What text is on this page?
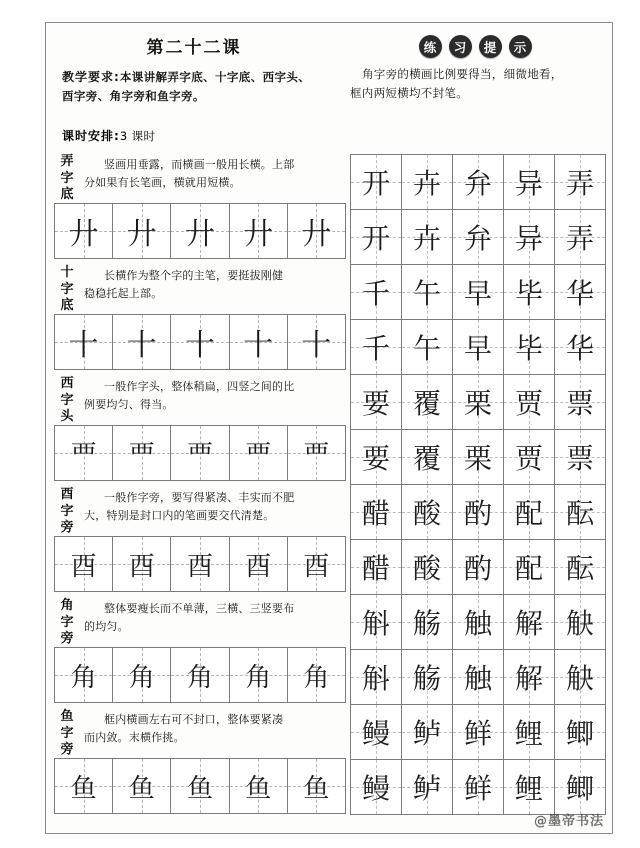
第二十二课
教学要求:本课讲解弄字底、十字底、西字头、
酉字旁、角字旁和鱼字旁。
课时安排:3 课时
练	习	提	示
角字旁的横画比例要得当，细微地看，
框内两短横均不封笔。
弄
字
底
竖画用垂露，而横画一般用长横。上部
分如果有长笔画，横就用短横。
廾 廾 廾 廾 廾
十
字
底
长横作为整个字的主笔，要挺拔刚健
稳稳托起上部。
十 十 十 十 十
西
字
头
一般作字头，整体稍扁，四竖之间的比
例要均匀、得当。
覀	覀	覀	覀	覀
酉
字
旁
一般作字旁，要写得紧凑、丰实而不肥
大，特别是封口内的笔画要交代清楚。
酉	酉	酉	酉	酉
角
字
旁
整体要瘦长而不单薄，三横、三竖要布
的均匀。
角	角	角	角	角
鱼
字
旁
框内横画左右可不封口，整体要紧凑
而内敛。末横作挑。
鱼	鱼	鱼	鱼	鱼
开 卉 弁 异 弄
开 卉 弁 异 弄
千 午 早 毕 华
千 午 早 毕 华
要 覆 栗 贾 票
要 覆 栗 贾 票
醋 酸 酌 配 酝
醋 酸 酌 配 酝
斛 觞 触 解 觖
斛 觞 触 解 觖
鳗 鲈 鲜 鲤 鲫
鳗 鲈 鲜 鲤 鲫
@墨帝书法
